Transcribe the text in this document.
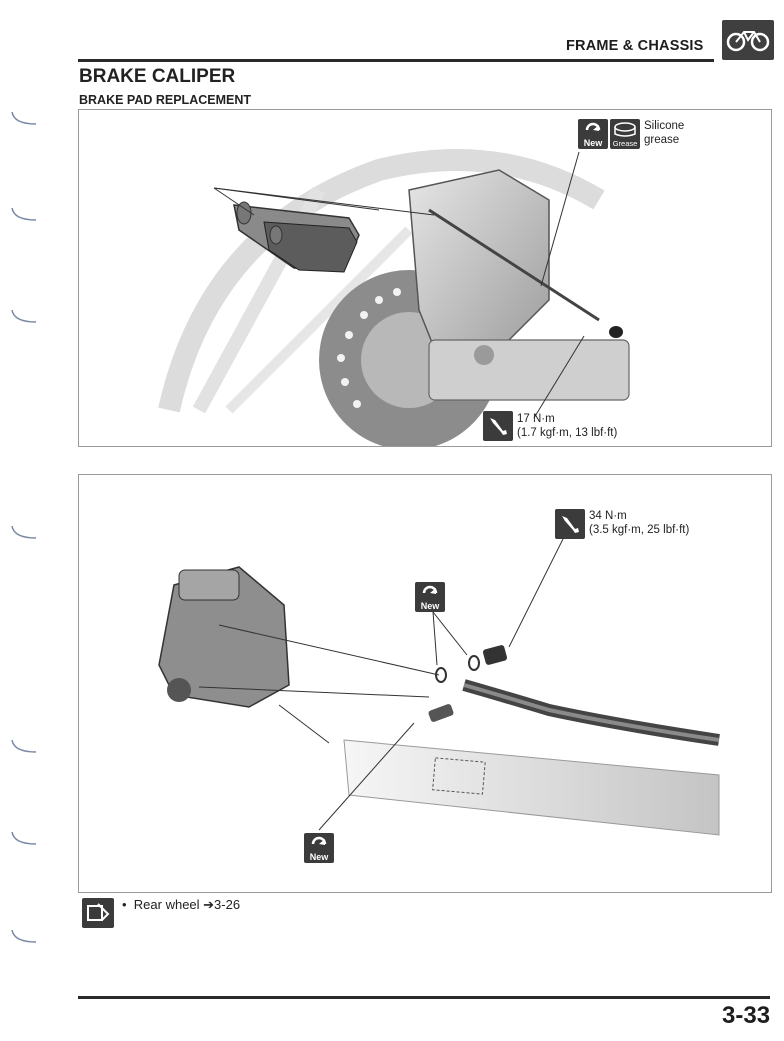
FRAME & CHASSIS
BRAKE CALIPER
BRAKE PAD REPLACEMENT
New	Grease
Silicone grease
17 N·m
(1.7 kgf·m, 13 lbf·ft)
34 N·m
(3.5 kgf·m, 25 lbf·ft)
New
New
• Rear wheel ➔3-26
3-33
